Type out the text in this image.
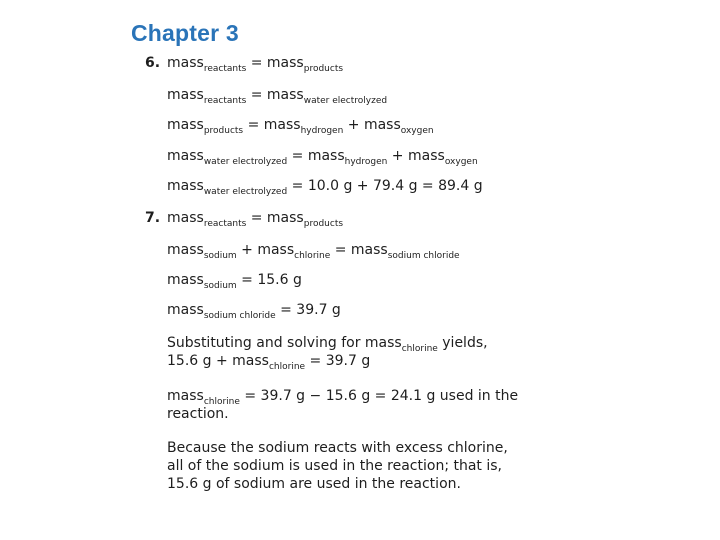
Chapter 3
6. mass$_{reactants}$ = mass$_{products}$
mass$_{reactants}$ = mass$_{water electrolyzed}$
mass$_{products}$ = mass$_{hydrogen}$ + mass$_{oxygen}$
mass$_{water electrolyzed}$ = mass$_{hydrogen}$ + mass$_{oxygen}$
mass$_{water electrolyzed}$ = 10.0 g + 79.4 g = 89.4 g
7. mass$_{reactants}$ = mass$_{products}$
mass$_{sodium}$ + mass$_{chlorine}$ = mass$_{sodium chloride}$
mass$_{sodium}$ = 15.6 g
mass$_{sodium chloride}$ = 39.7 g
Substituting and solving for mass$_{chlorine}$ yields,
15.6 g + mass$_{chlorine}$ = 39.7 g
mass$_{chlorine}$ = 39.7 g − 15.6 g = 24.1 g used in the
reaction.
Because the sodium reacts with excess chlorine,
all of the sodium is used in the reaction; that is,
15.6 g of sodium are used in the reaction.
